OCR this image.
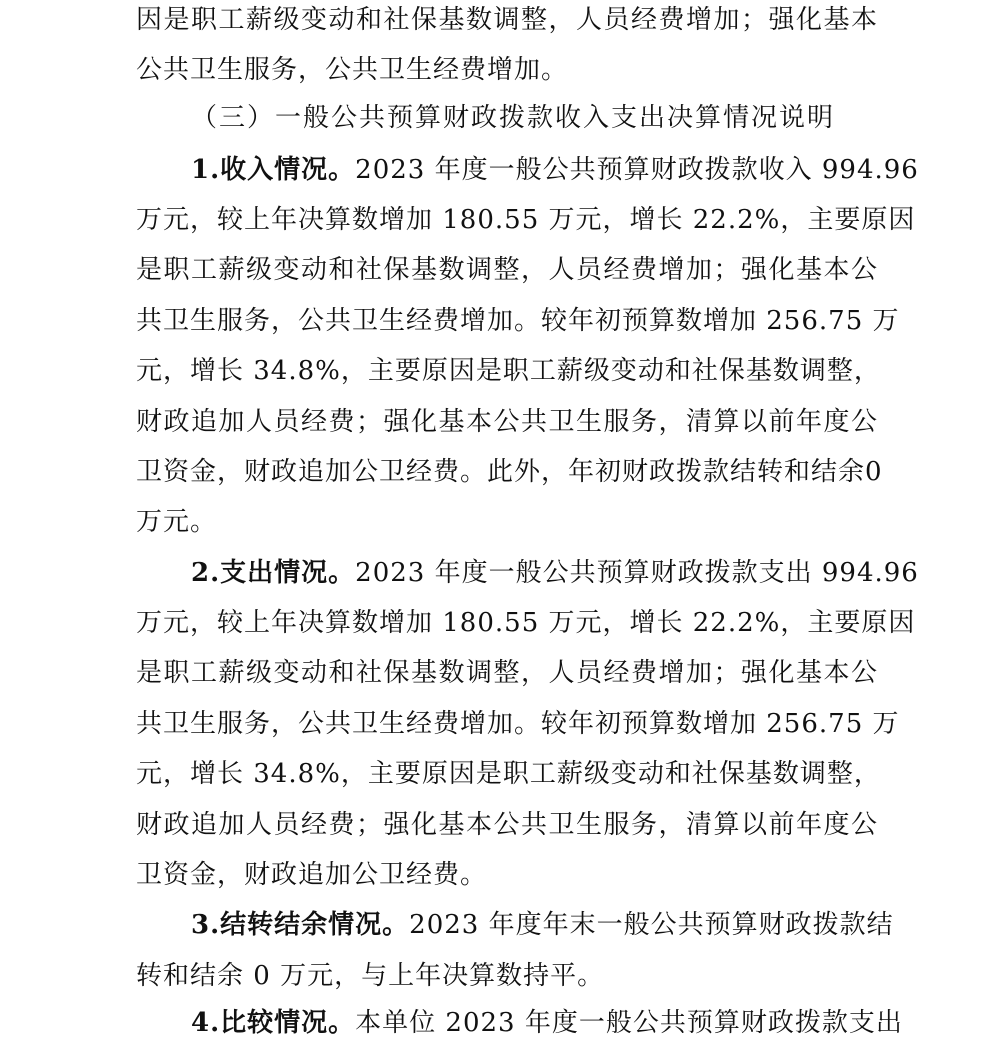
因是职工薪级变动和社保基数调整，人员经费增加；强化基本
公共卫生服务，公共卫生经费增加。
（三）一般公共预算财政拨款收入支出决算情况说明
1.收入情况。2023 年度一般公共预算财政拨款收入 994.96
万元，较上年决算数增加 180.55 万元，增长 22.2%，主要原因
是职工薪级变动和社保基数调整，人员经费增加；强化基本公
共卫生服务，公共卫生经费增加。较年初预算数增加 256.75 万
元，增长 34.8%，主要原因是职工薪级变动和社保基数调整，
财政追加人员经费；强化基本公共卫生服务，清算以前年度公
卫资金，财政追加公卫经费。此外，年初财政拨款结转和结余0
万元。
2.支出情况。2023 年度一般公共预算财政拨款支出 994.96
万元，较上年决算数增加 180.55 万元，增长 22.2%，主要原因
是职工薪级变动和社保基数调整，人员经费增加；强化基本公
共卫生服务，公共卫生经费增加。较年初预算数增加 256.75 万
元，增长 34.8%，主要原因是职工薪级变动和社保基数调整，
财政追加人员经费；强化基本公共卫生服务，清算以前年度公
卫资金，财政追加公卫经费。
3.结转结余情况。2023 年度年末一般公共预算财政拨款结
转和结余 0 万元，与上年决算数持平。
4.比较情况。本单位 2023 年度一般公共预算财政拨款支出
